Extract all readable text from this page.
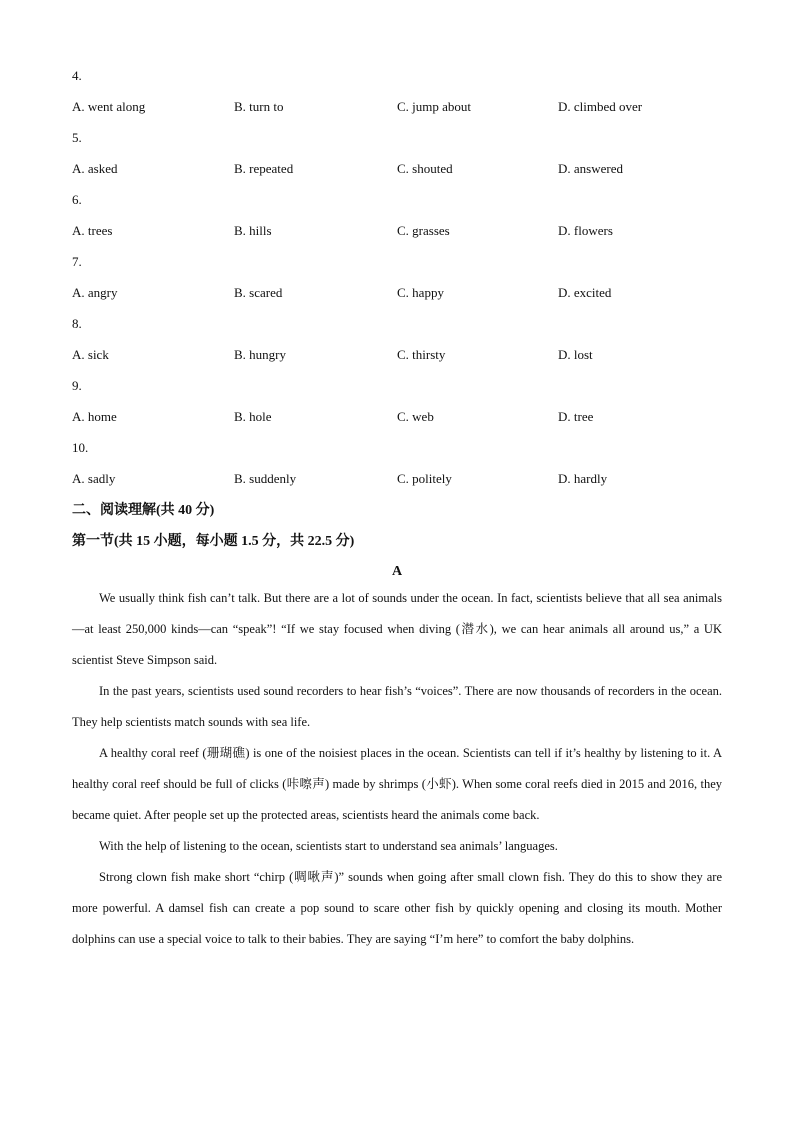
4.
A. went along	B. turn to	C. jump about	D. climbed over
5.
A. asked	B. repeated	C. shouted	D. answered
6.
A. trees	B. hills	C. grasses	D. flowers
7.
A. angry	B. scared	C. happy	D. excited
8.
A. sick	B. hungry	C. thirsty	D. lost
9.
A. home	B. hole	C. web	D. tree
10.
A. sadly	B. suddenly	C. politely	D. hardly
二、阅读理解(共 40 分)
第一节(共 15 小题，每小题 1.5 分，共 22.5 分)
A

We usually think fish can’t talk. But there are a lot of sounds under the ocean. In fact, scientists believe that all sea animals —at least 250,000 kinds—can “speak”! “If we stay focused when diving (潜水), we can hear animals all around us,” a UK scientist Steve Simpson said.

In the past years, scientists used sound recorders to hear fish’s “voices”. There are now thousands of recorders in the ocean. They help scientists match sounds with sea life.

A healthy coral reef (珊瑚礁) is one of the noisiest places in the ocean. Scientists can tell if it’s healthy by listening to it. A healthy coral reef should be full of clicks (咔嚓声) made by shrimps (小虾). When some coral reefs died in 2015 and 2016, they became quiet. After people set up the protected areas, scientists heard the animals come back.

With the help of listening to the ocean, scientists start to understand sea animals’ languages.

Strong clown fish make short “chirp (啁啾声)” sounds when going after small clown fish. They do this to show they are more powerful. A damsel fish can create a pop sound to scare other fish by quickly opening and closing its mouth. Mother dolphins can use a special voice to talk to their babies. They are saying “I’m here” to comfort the baby dolphins.
